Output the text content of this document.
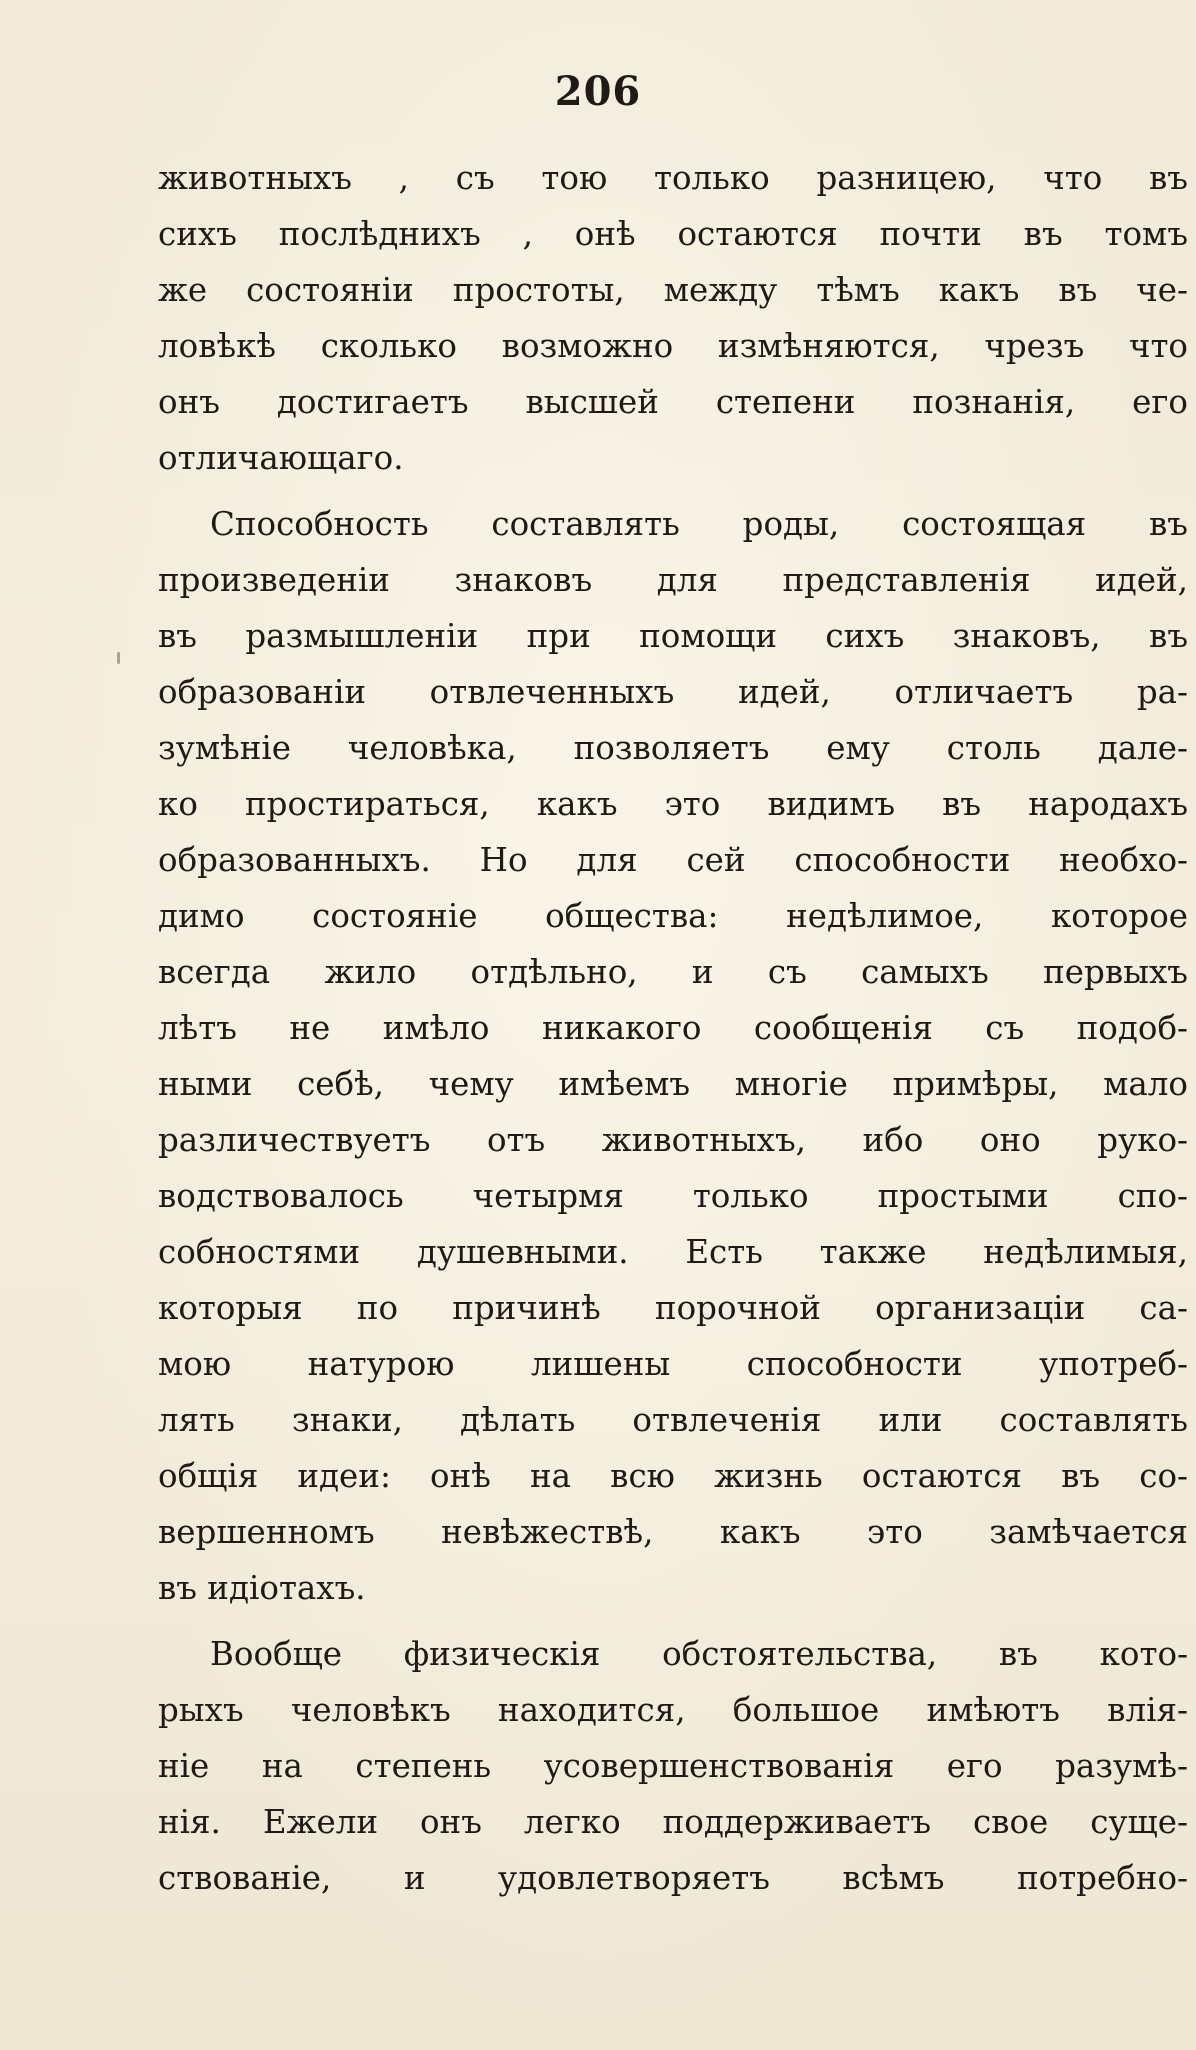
206

животныхъ , съ тою только разницею, что въ
сихъ послѣднихъ , онѣ остаются почти въ томъ
же состояніи простоты, между тѣмъ какъ въ че-
ловѣкѣ сколько возможно измѣняются, чрезъ что
онъ достигаетъ высшей степени познанія, его
отличающаго.

Способность составлять роды, состоящая въ
произведеніи знаковъ для представленія идей,
въ размышленіи при помощи сихъ знаковъ, въ
образованіи отвлеченныхъ идей, отличаетъ ра-
зумѣніе человѣка, позволяетъ ему столь дале-
ко простираться, какъ это видимъ въ народахъ
образованныхъ. Но для сей способности необхо-
димо состояніе общества: недѣлимое, которое
всегда жило отдѣльно, и съ самыхъ первыхъ
лѣтъ не имѣло никакого сообщенія съ подоб-
ными себѣ, чему имѣемъ многіе примѣры, мало
различествуетъ отъ животныхъ, ибо оно руко-
водствовалось четырмя только простыми спо-
собностями душевными. Есть также недѣлимыя,
которыя по причинѣ порочной организаціи са-
мою натурою лишены способности употреб-
лять знаки, дѣлать отвлеченія или составлять
общія идеи: онѣ на всю жизнь остаются въ со-
вершенномъ невѣжествѣ, какъ это замѣчается
въ идіотахъ.

Вообще физическія обстоятельства, въ кото-
рыхъ человѣкъ находится, большое имѣютъ влія-
ніе на степень усовершенствованія его разумѣ-
нія. Ежели онъ легко поддерживаетъ свое суще-
ствованіе, и удовлетворяетъ всѣмъ потребно-
